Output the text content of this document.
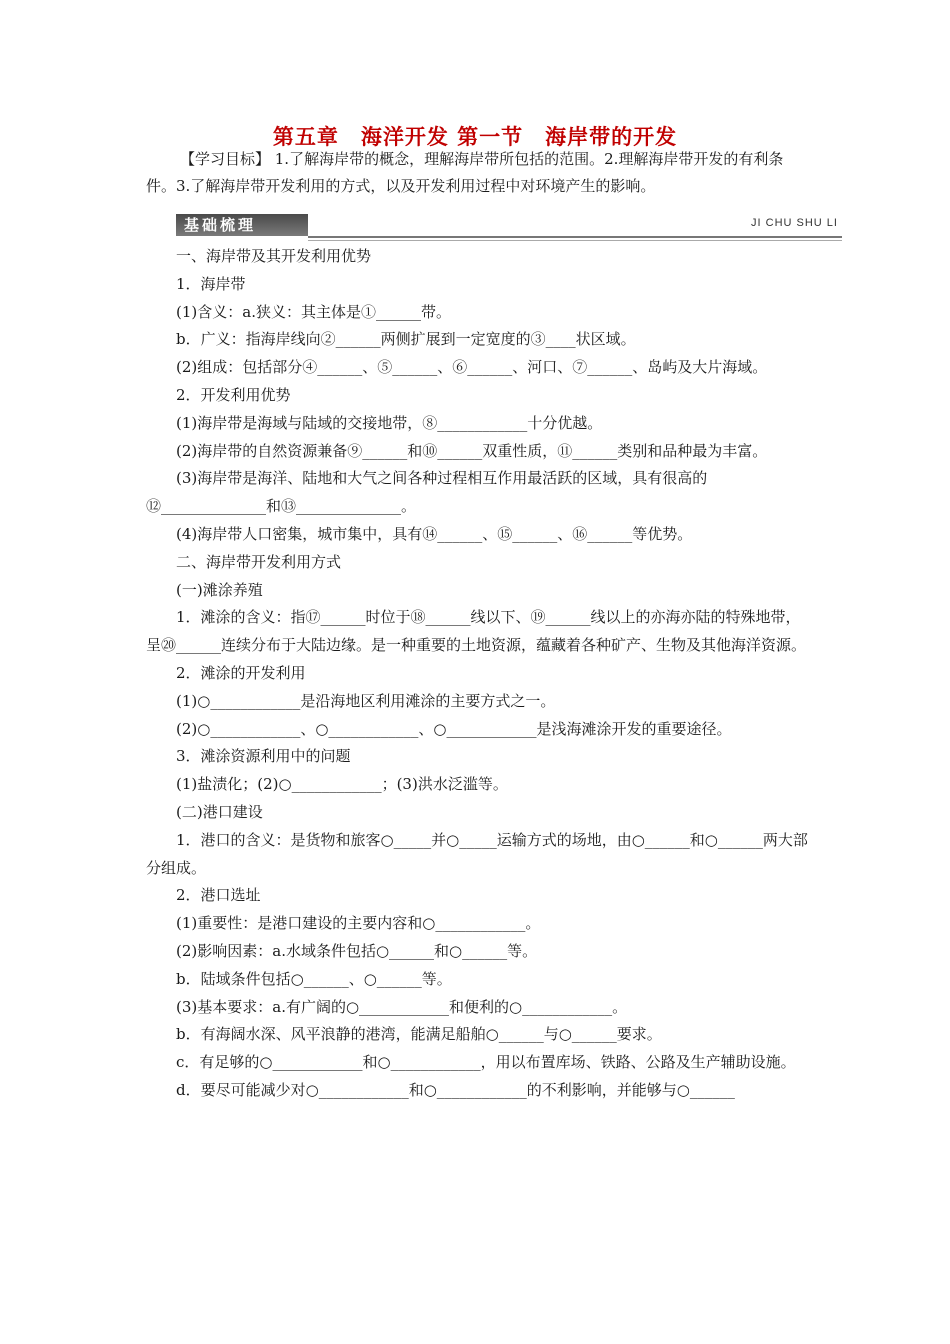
第五章　海洋开发 第一节　海岸带的开发
【学习目标】 1.了解海岸带的概念，理解海岸带所包括的范围。2.理解海岸带开发的有利条件。3.了解海岸带开发利用的方式，以及开发利用过程中对环境产生的影响。
基础梳理	JI CHU SHU LI

一、海岸带及其开发利用优势

1．海岸带

(1)含义：a.狭义：其主体是①______带。

b．广义：指海岸线向②______两侧扩展到一定宽度的③____状区域。

(2)组成：包括部分④______、⑤______、⑥______、河口、⑦______、岛屿及大片海域。

2．开发利用优势

(1)海岸带是海域与陆域的交接地带，⑧____________十分优越。

(2)海岸带的自然资源兼备⑨______和⑩______双重性质，⑪______类别和品种最为丰富。

(3)海岸带是海洋、陆地和大气之间各种过程相互作用最活跃的区域，具有很高的⑫______________和⑬______________。

(4)海岸带人口密集，城市集中，具有⑭______、⑮______、⑯______等优势。

二、海岸带开发利用方式

(一)滩涂养殖

1．滩涂的含义：指⑰______时位于⑱______线以下、⑲______线以上的亦海亦陆的特殊地带，呈⑳______连续分布于大陆边缘。是一种重要的土地资源，蕴藏着各种矿产、生物及其他海洋资源。

2．滩涂的开发利用

(1)○____________是沿海地区利用滩涂的主要方式之一。

(2)○____________、○____________、○____________是浅海滩涂开发的重要途径。

3．滩涂资源利用中的问题

(1)盐渍化；(2)○____________；(3)洪水泛滥等。

(二)港口建设

1．港口的含义：是货物和旅客○_____并○_____运输方式的场地，由○______和○______两大部分组成。

2．港口选址

(1)重要性：是港口建设的主要内容和○____________。

(2)影响因素：a.水域条件包括○______和○______等。

b．陆域条件包括○______、○______等。

(3)基本要求：a.有广阔的○____________和便利的○____________。

b．有海阔水深、风平浪静的港湾，能满足船舶○______与○______要求。

c．有足够的○____________和○____________，用以布置库场、铁路、公路及生产辅助设施。

d．要尽可能减少对○____________和○____________的不利影响，并能够与○______
